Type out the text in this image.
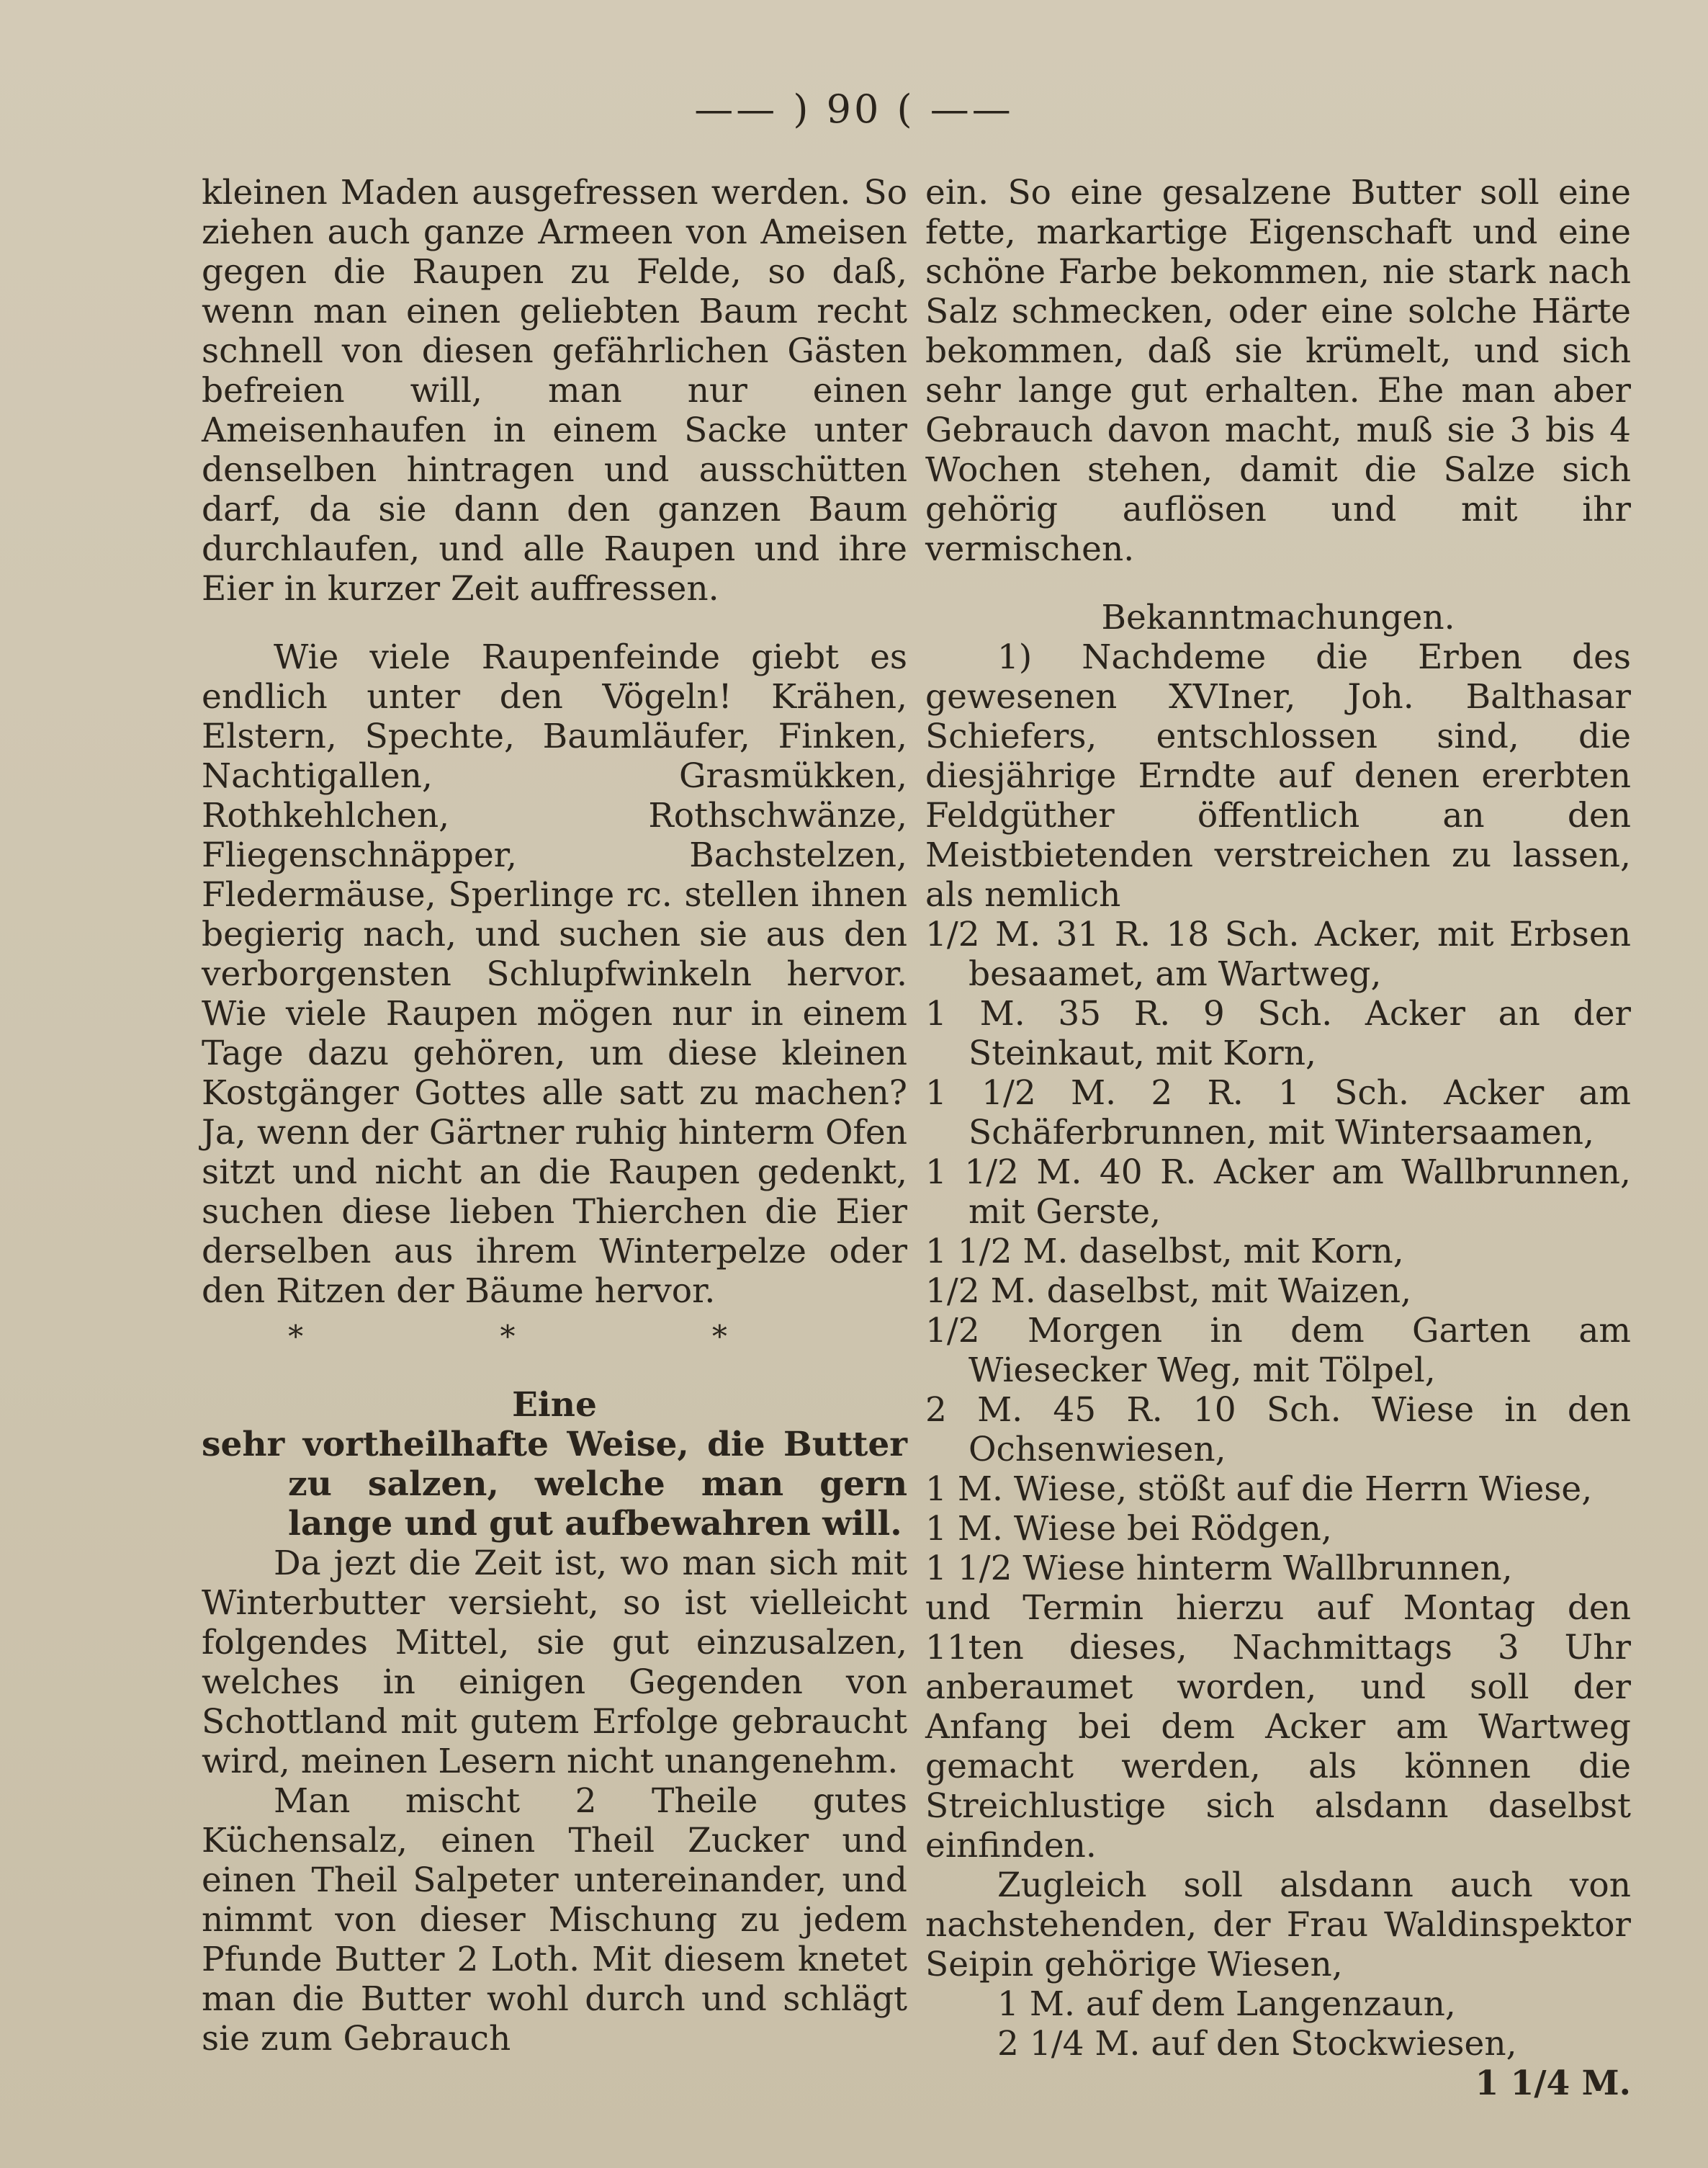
—— ) 90 ( ——

kleinen Maden ausgefressen werden. So ziehen auch ganze Armeen von Ameisen gegen die Raupen zu Felde, so daß, wenn man einen geliebten Baum recht schnell von diesen gefährlichen Gästen befreien will, man nur einen Ameisenhaufen in einem Sacke unter denselben hintragen und ausschütten darf, da sie dann den ganzen Baum durchlaufen, und alle Raupen und ihre Eier in kurzer Zeit auffressen.

Wie viele Raupenfeinde giebt es endlich unter den Vögeln! Krähen, Elstern, Spechte, Baumläufer, Finken, Nachtigallen, Grasmükken, Rothkehlchen, Rothschwänze, Fliegenschnäpper, Bachstelzen, Fledermäuse, Sperlinge rc. stellen ihnen begierig nach, und suchen sie aus den verborgensten Schlupfwinkeln hervor. Wie viele Raupen mögen nur in einem Tage dazu gehören, um diese kleinen Kostgänger Gottes alle satt zu machen? Ja, wenn der Gärtner ruhig hinterm Ofen sitzt und nicht an die Raupen gedenkt, suchen diese lieben Thierchen die Eier derselben aus ihrem Winterpelze oder den Ritzen der Bäume hervor.

* * *

Eine

sehr vortheilhafte Weise, die Butter zu salzen, welche man gern lange und gut aufbewahren will.

Da jezt die Zeit ist, wo man sich mit Winterbutter versieht, so ist vielleicht folgendes Mittel, sie gut einzusalzen, welches in einigen Gegenden von Schottland mit gutem Erfolge gebraucht wird, meinen Lesern nicht unangenehm.

Man mischt 2 Theile gutes Küchensalz, einen Theil Zucker und einen Theil Salpeter untereinander, und nimmt von dieser Mischung zu jedem Pfunde Butter 2 Loth. Mit diesem knetet man die Butter wohl durch und schlägt sie zum Gebrauch

ein. So eine gesalzene Butter soll eine fette, markartige Eigenschaft und eine schöne Farbe bekommen, nie stark nach Salz schmecken, oder eine solche Härte bekommen, daß sie krümelt, und sich sehr lange gut erhalten. Ehe man aber Gebrauch davon macht, muß sie 3 bis 4 Wochen stehen, damit die Salze sich gehörig auflösen und mit ihr vermischen.

Bekanntmachungen.

1) Nachdeme die Erben des gewesenen XVIner, Joh. Balthasar Schiefers, entschlossen sind, die diesjährige Erndte auf denen ererbten Feldgüther öffentlich an den Meistbietenden verstreichen zu lassen, als nemlich

1/2 M. 31 R. 18 Sch. Acker, mit Erbsen besaamet, am Wartweg,

1 M. 35 R. 9 Sch. Acker an der Steinkaut, mit Korn,

1 1/2 M. 2 R. 1 Sch. Acker am Schäferbrunnen, mit Wintersaamen,

1 1/2 M. 40 R. Acker am Wallbrunnen, mit Gerste,

1 1/2 M. daselbst, mit Korn,

1/2 M. daselbst, mit Waizen,

1/2 Morgen in dem Garten am Wiesecker Weg, mit Tölpel,

2 M. 45 R. 10 Sch. Wiese in den Ochsenwiesen,

1 M. Wiese, stößt auf die Herrn Wiese,

1 M. Wiese bei Rödgen,

1 1/2 Wiese hinterm Wallbrunnen,

und Termin hierzu auf Montag den 11ten dieses, Nachmittags 3 Uhr anberaumet worden, und soll der Anfang bei dem Acker am Wartweg gemacht werden, als können die Streichlustige sich alsdann daselbst einfinden.

Zugleich soll alsdann auch von nachstehenden, der Frau Waldinspektor Seipin gehörige Wiesen,

1 M. auf dem Langenzaun,

2 1/4 M. auf den Stockwiesen,

1 1/4 M.
